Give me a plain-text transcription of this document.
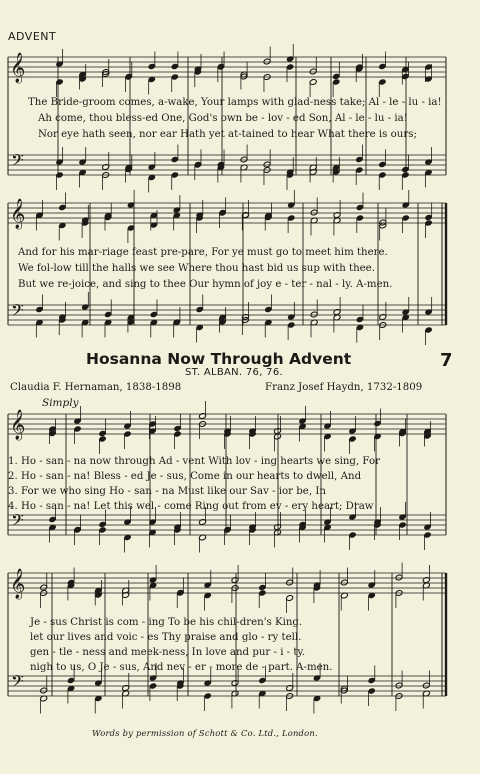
ADVENT
The Bride-groom comes, a-wake, Your lamps with glad-ness take; Al - le - lu - ia!
Ah come, thou bless-ed One, God's own be - lov - ed Son, Al - le - lu - ia!
Nor eye hath seen, nor ear Hath yet at-tained to hear What there is ours;
And for his mar-riage feast pre-pare, For ye must go to meet him there.
We fol-low till the halls we see Where thou hast bid us sup with thee.
But we re-joice, and sing to thee Our hymn of joy e - ter - nal - ly. A-men.
Hosanna Now Through Advent	7
ST. ALBAN. 76, 76.
Claudia F. Hernaman, 1838-1898	Franz Josef Haydn, 1732-1809
Simply
1. Ho - san - na now through Ad - vent With lov - ing hearts we sing, For
2. Ho - san - na! Bless - ed Je - sus, Come in our hearts to dwell, And
3. For we who sing Ho - san - na Must like our Sav - ior be, In
4. Ho - san - na! Let this wel - come Ring out from ev - ery heart; Draw
Je - sus Christ is com - ing To be his chil-dren's King.
let our lives and voic - es Thy praise and glo - ry tell.
gen - tle - ness and meek-ness, In love and pur - i - ty.
nigh to us, O Je - sus, And nev - er - more de - part. A-men.
Words by permission of Schott & Co. Ltd., London.
𝄞
𝄢
𝄞
𝄢
𝄞
𝄢
𝄞
𝄢
